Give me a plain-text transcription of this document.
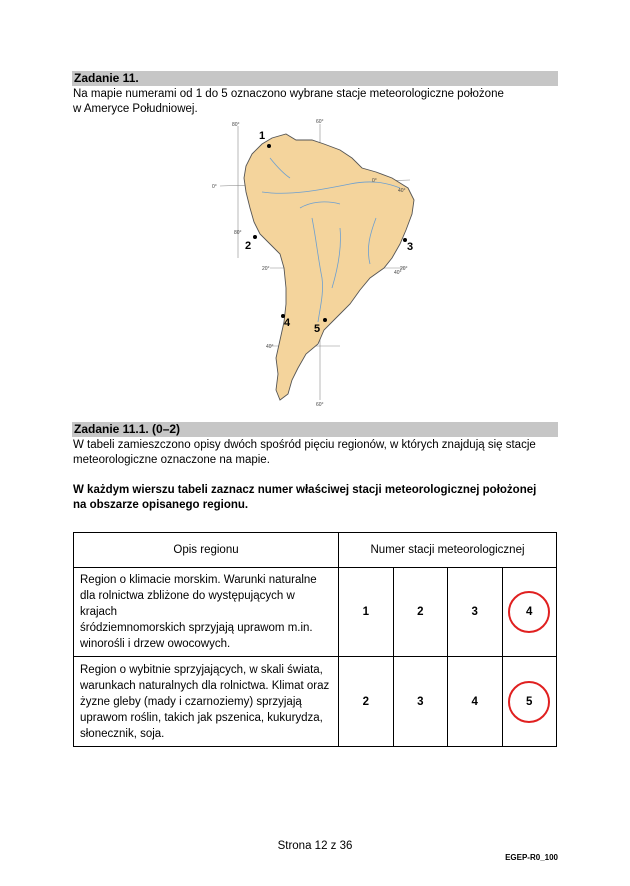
Zadanie 11.
Na mapie numerami od 1 do 5 oznaczono wybrane stacje meteorologiczne położone
w Ameryce Południowej.
1
2	3
4 5
0°
20°
40°
0°
20°
80°	60°
40°
80°
40°
60°
Zadanie 11.1. (0–2)
W tabeli zamieszczono opisy dwóch spośród pięciu regionów, w których znajdują się stacje
meteorologiczne oznaczone na mapie.
W każdym wierszu tabeli zaznacz numer właściwej stacji meteorologicznej położonej
na obszarze opisanego regionu.
Opis regionu	Numer stacji meteorologicznej			

Region o klimacie morskim. Warunki naturalne
dla rolnictwa zbliżone do występujących w krajach
śródziemnomorskich sprzyjają uprawom m.in.
winorośli i drzew owocowych.	1	2	3	4

Region o wybitnie sprzyjających, w skali świata,
warunkach naturalnych dla rolnictwa. Klimat oraz
żyzne gleby (mady i czarnoziemy) sprzyjają
uprawom roślin, takich jak pszenica, kukurydza,
słonecznik, soja.	2	3	4	5
Strona 12 z 36
EGEP-R0_100
